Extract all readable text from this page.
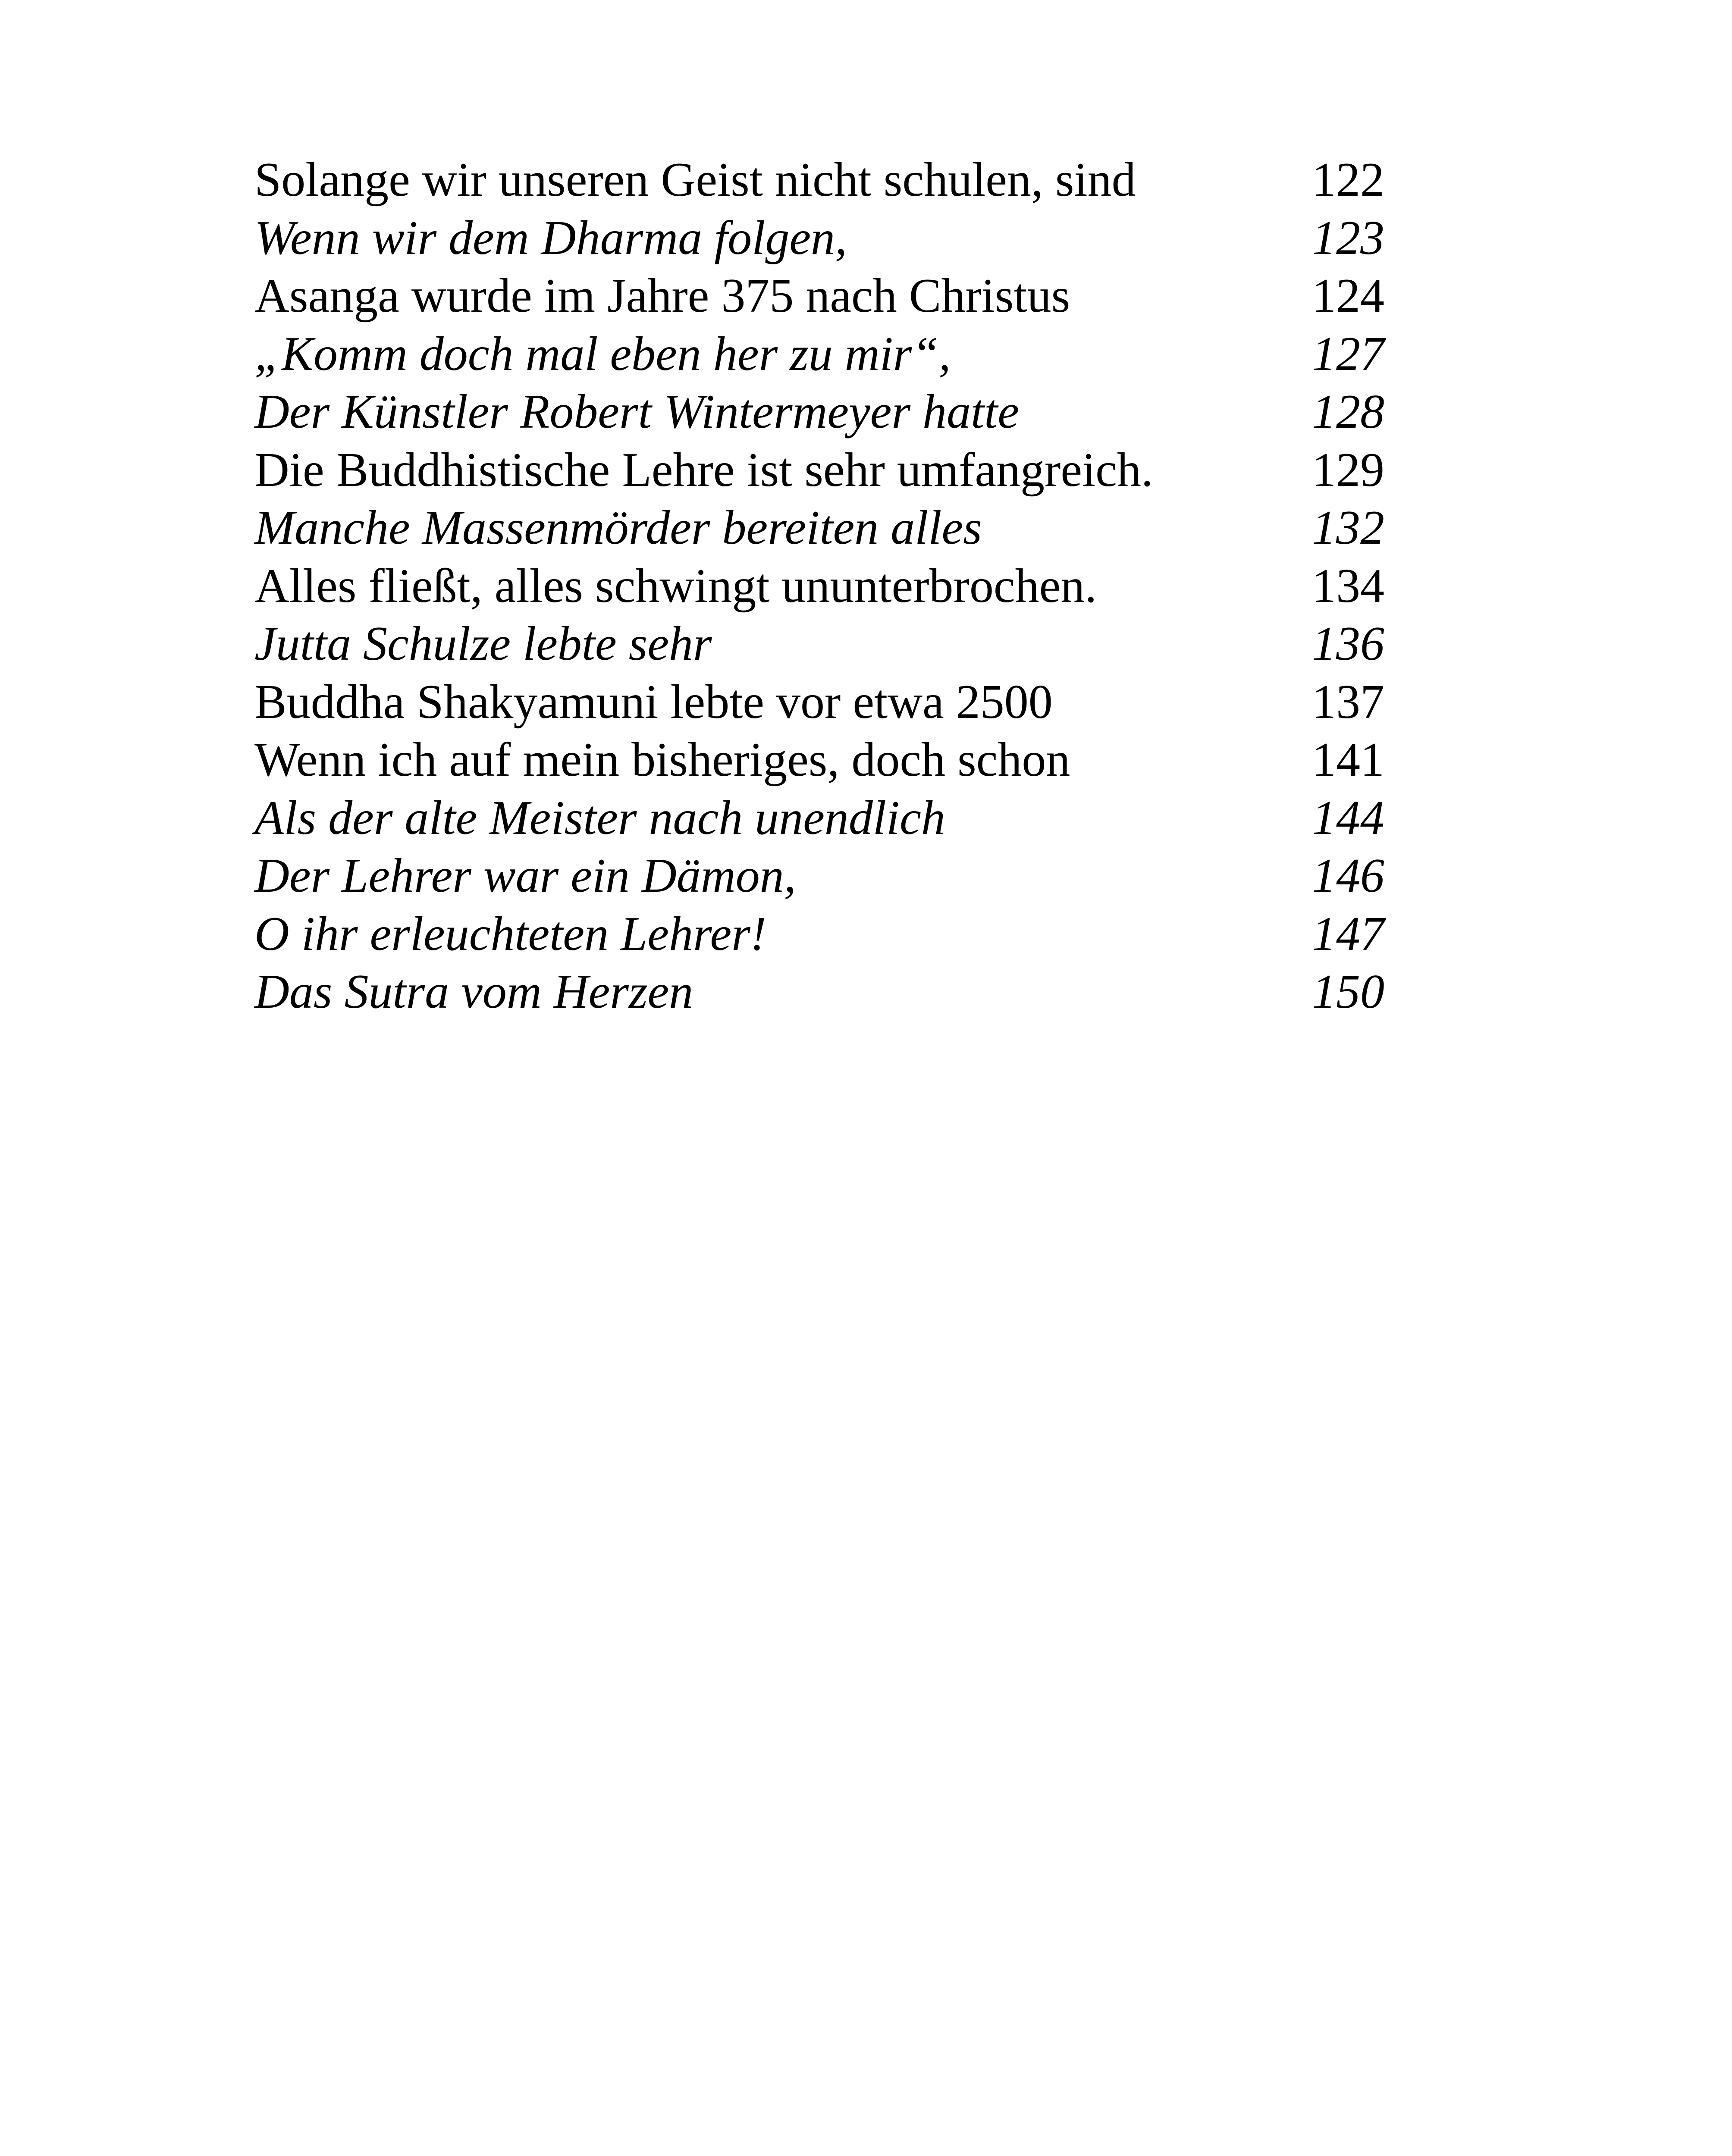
Solange wir unseren Geist nicht schulen, sind	122
Wenn wir dem Dharma folgen,	123
Asanga wurde im Jahre 375 nach Christus	124
„Komm doch mal eben her zu mir“,	127
Der Künstler Robert Wintermeyer hatte	128
Die Buddhistische Lehre ist sehr umfangreich.	129
Manche Massenmörder bereiten alles	132
Alles fließt, alles schwingt ununterbrochen.	134
Jutta Schulze lebte sehr	136
Buddha Shakyamuni lebte vor etwa 2500	137
Wenn ich auf mein bisheriges, doch schon	141
Als der alte Meister nach unendlich	144
Der Lehrer war ein Dämon,	146
O ihr erleuchteten Lehrer!	147
Das Sutra vom Herzen	150
